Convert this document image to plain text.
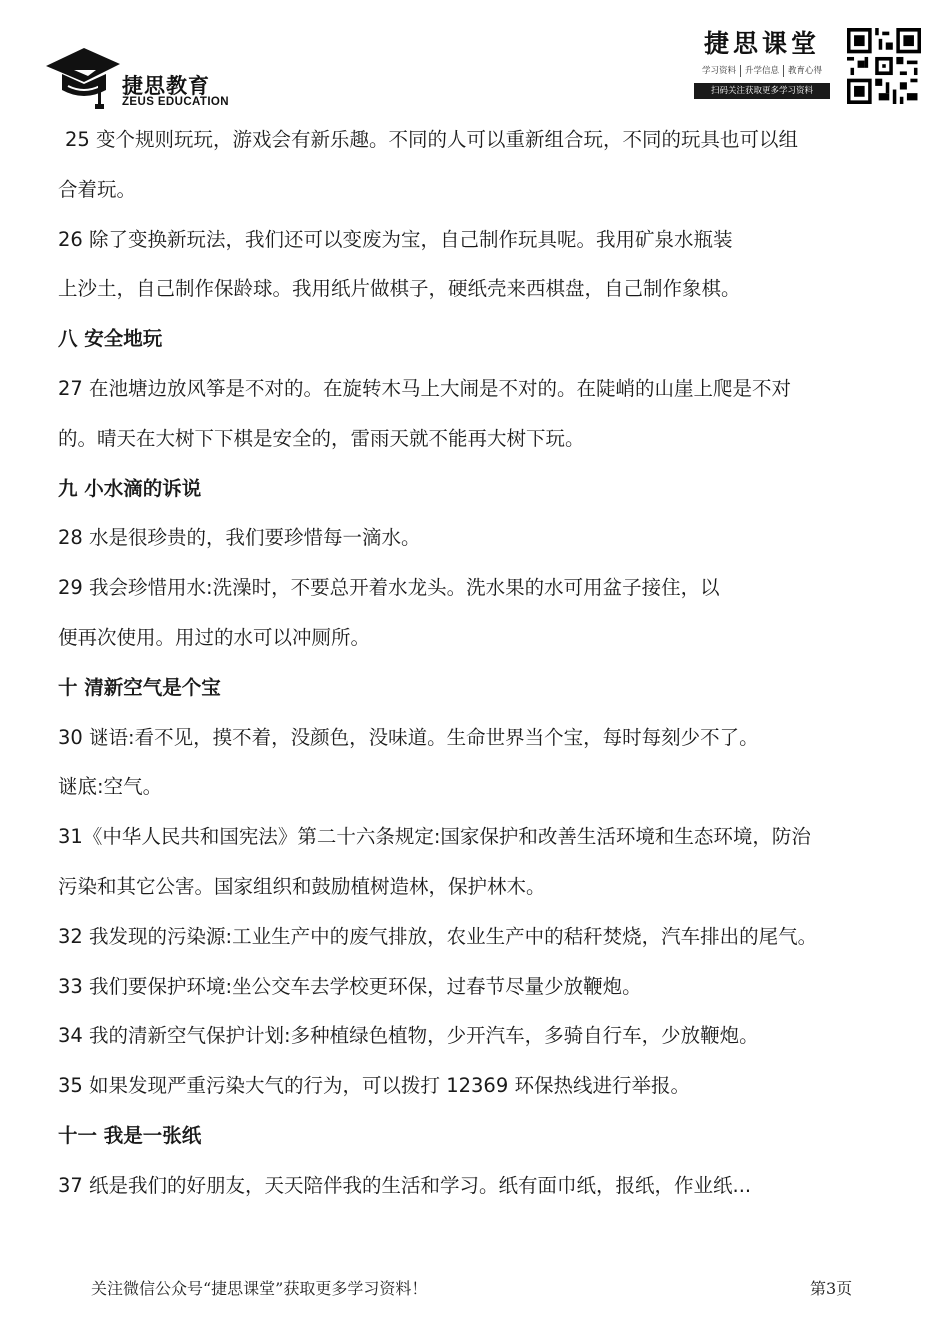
捷思教育
ZEUS EDUCATION
捷思课堂
学习资料	升学信息	教育心得
扫码关注获取更多学习资料
25 变个规则玩玩，游戏会有新乐趣。不同的人可以重新组合玩，不同的玩具也可以组
合着玩。
26 除了变换新玩法，我们还可以变废为宝，自己制作玩具呢。我用矿泉水瓶装
上沙土，自己制作保龄球。我用纸片做棋子，硬纸壳来西棋盘，自己制作象棋。
八 安全地玩
27 在池塘边放风筝是不对的。在旋转木马上大闹是不对的。在陡峭的山崖上爬是不对
的。晴天在大树下下棋是安全的，雷雨天就不能再大树下玩。
九 小水滴的诉说
28 水是很珍贵的，我们要珍惜每一滴水。
29 我会珍惜用水:洗澡时，不要总开着水龙头。洗水果的水可用盆子接住，以
便再次使用。用过的水可以冲厕所。
十 清新空气是个宝
30 谜语:看不见，摸不着，没颜色，没味道。生命世界当个宝，每时每刻少不了。
谜底:空气。
31《中华人民共和国宪法》第二十六条规定:国家保护和改善生活环境和生态环境，防治
污染和其它公害。国家组织和鼓励植树造林，保护林木。
32 我发现的污染源:工业生产中的废气排放，农业生产中的秸秆焚烧，汽车排出的尾气。
33 我们要保护环境:坐公交车去学校更环保，过春节尽量少放鞭炮。
34 我的清新空气保护计划:多种植绿色植物，少开汽车，多骑自行车，少放鞭炮。
35 如果发现严重污染大气的行为，可以拨打 12369 环保热线进行举报。
十一 我是一张纸
37 纸是我们的好朋友，天天陪伴我的生活和学习。纸有面巾纸，报纸，作业纸...
关注微信公众号“捷思课堂”获取更多学习资料！	第3页
